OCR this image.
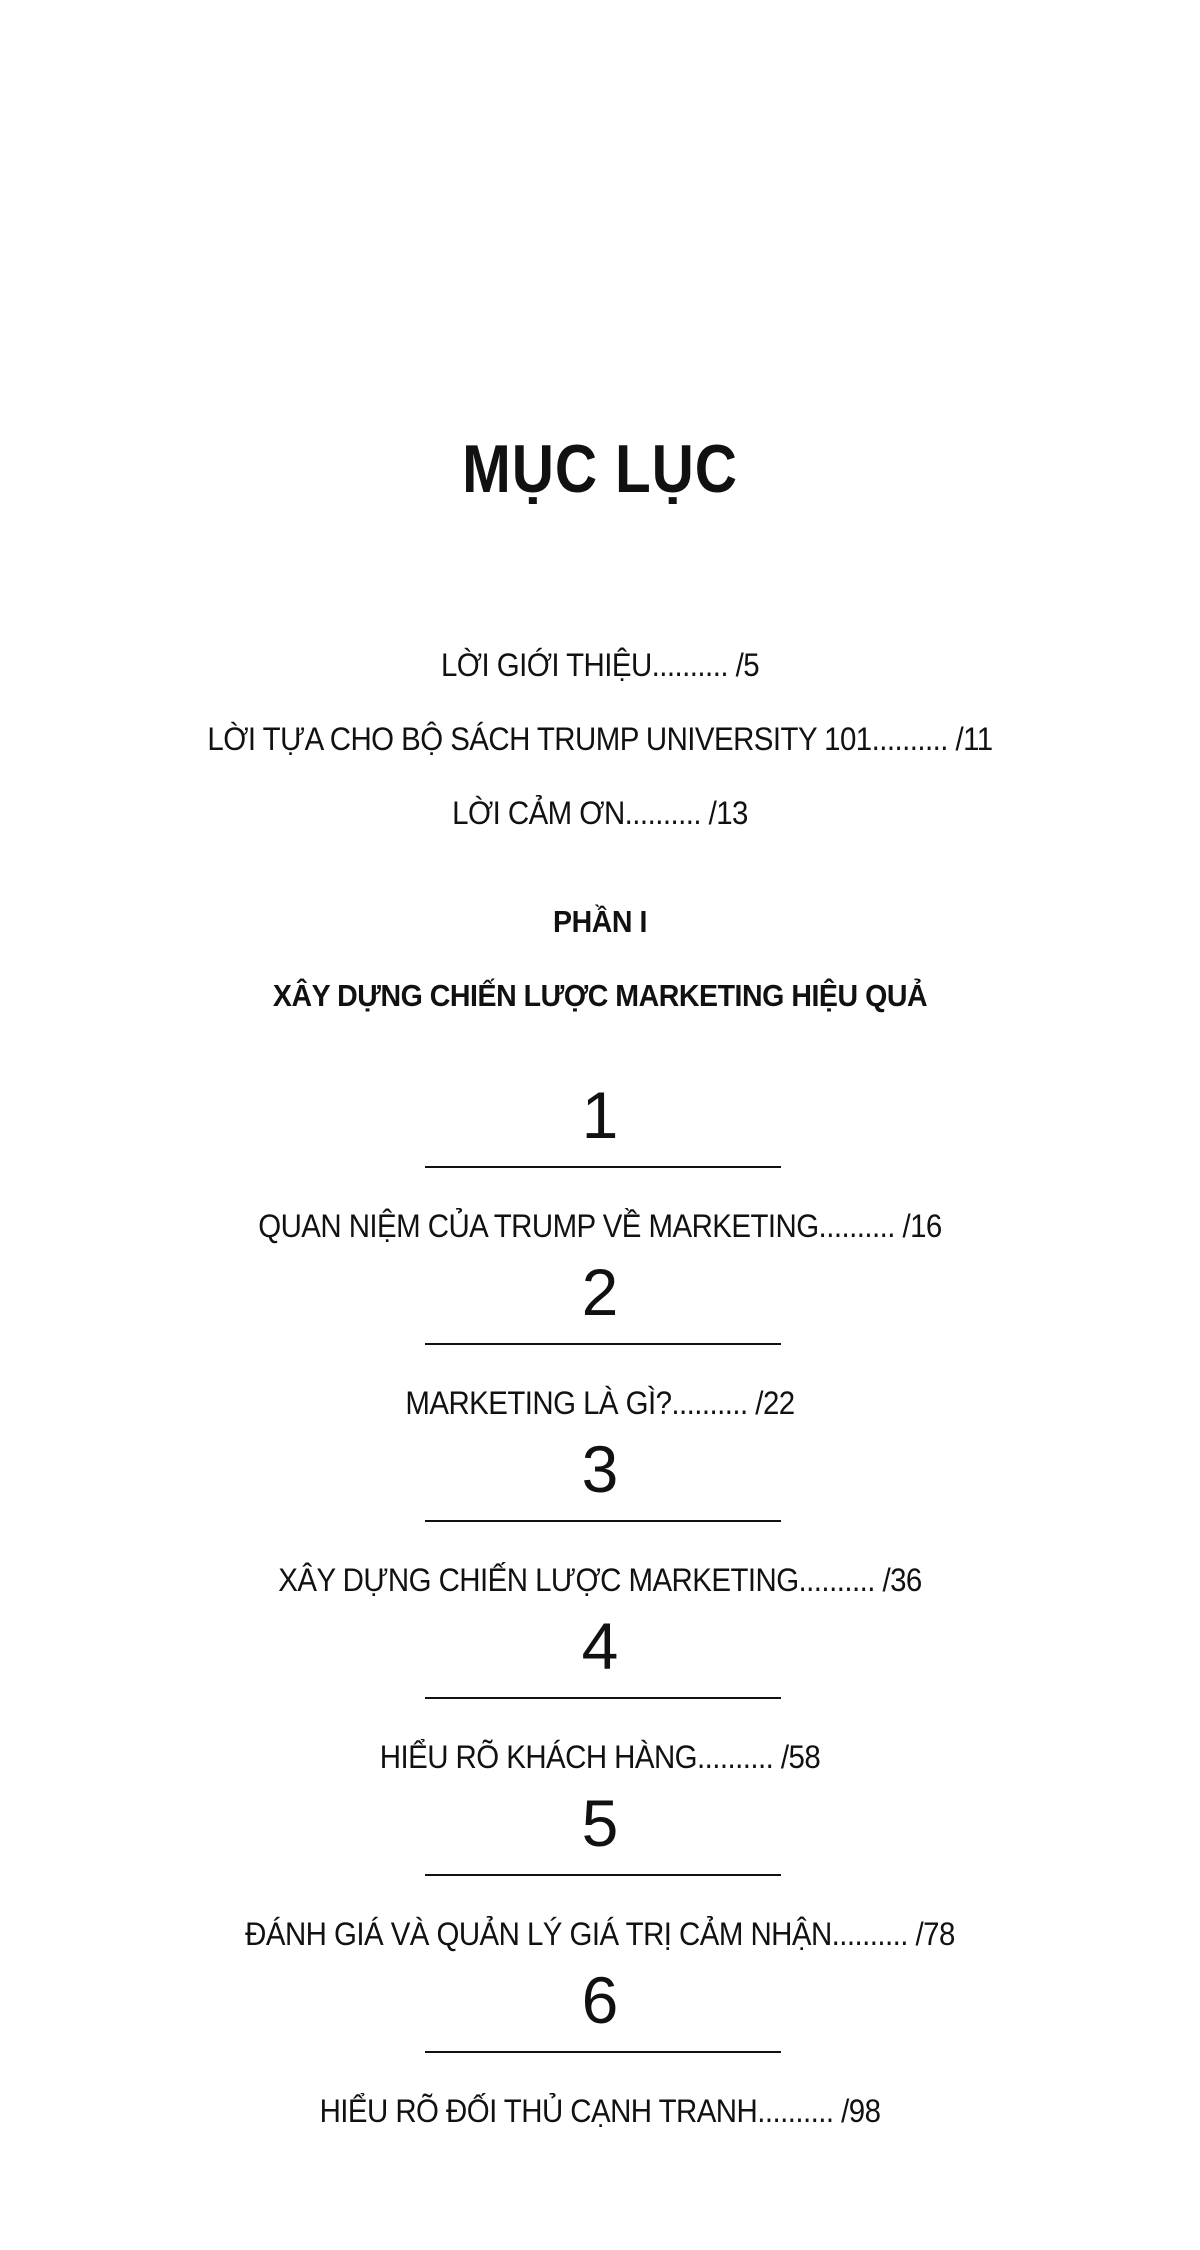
MỤC LỤC
LỜI GIỚI THIỆU.......... /5
LỜI TỰA CHO BỘ SÁCH TRUMP UNIVERSITY 101.......... /11
LỜI CẢM ƠN.......... /13
PHẦN I
XÂY DỰNG CHIẾN LƯỢC MARKETING HIỆU QUẢ
1
QUAN NIỆM CỦA TRUMP VỀ MARKETING.......... /16
2
MARKETING LÀ GÌ?.......... /22
3
XÂY DỰNG CHIẾN LƯỢC MARKETING.......... /36
4
HIỂU RÕ KHÁCH HÀNG.......... /58
5
ĐÁNH GIÁ VÀ QUẢN LÝ GIÁ TRỊ CẢM NHẬN.......... /78
6
HIỂU RÕ ĐỐI THỦ CẠNH TRANH.......... /98
